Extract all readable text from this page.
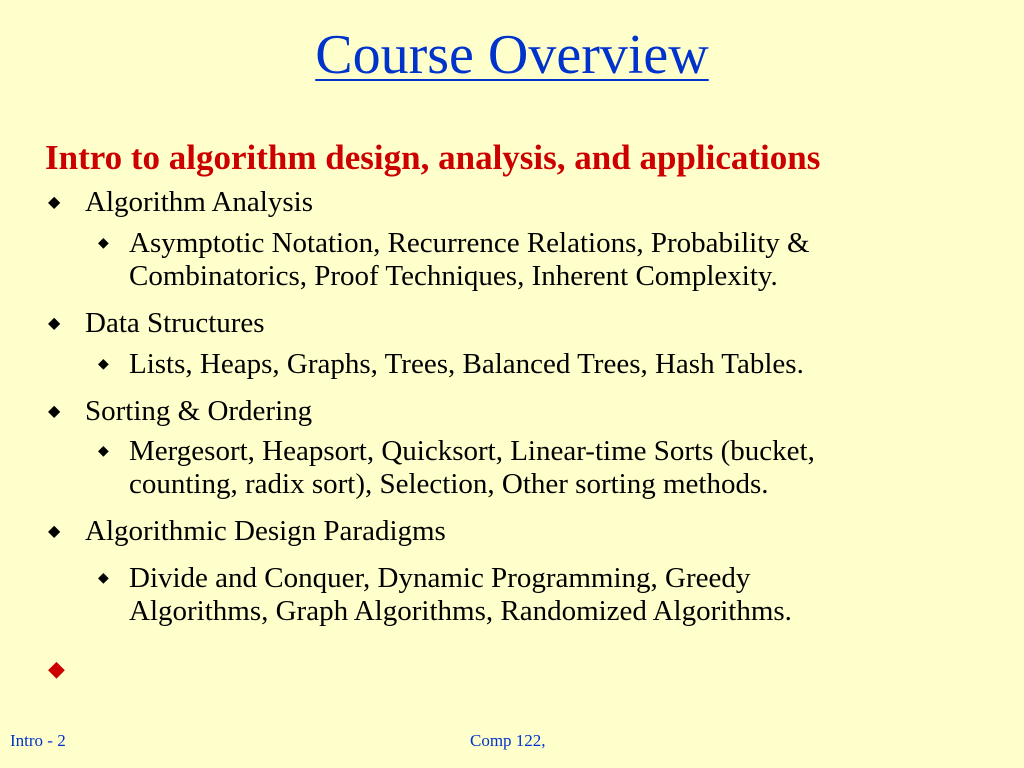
Course Overview
Intro to algorithm design, analysis, and applications
◆ Algorithm Analysis
◆ Asymptotic Notation, Recurrence Relations, Probability &
Combinatorics, Proof Techniques, Inherent Complexity.
◆ Data Structures
◆ Lists, Heaps, Graphs, Trees, Balanced Trees, Hash Tables.
◆ Sorting & Ordering
◆ Mergesort, Heapsort, Quicksort, Linear-time Sorts (bucket,
counting, radix sort), Selection, Other sorting methods.
◆ Algorithmic Design Paradigms
◆ Divide and Conquer, Dynamic Programming, Greedy
Algorithms, Graph Algorithms, Randomized Algorithms.
◆
Intro - 2	Comp 122,
